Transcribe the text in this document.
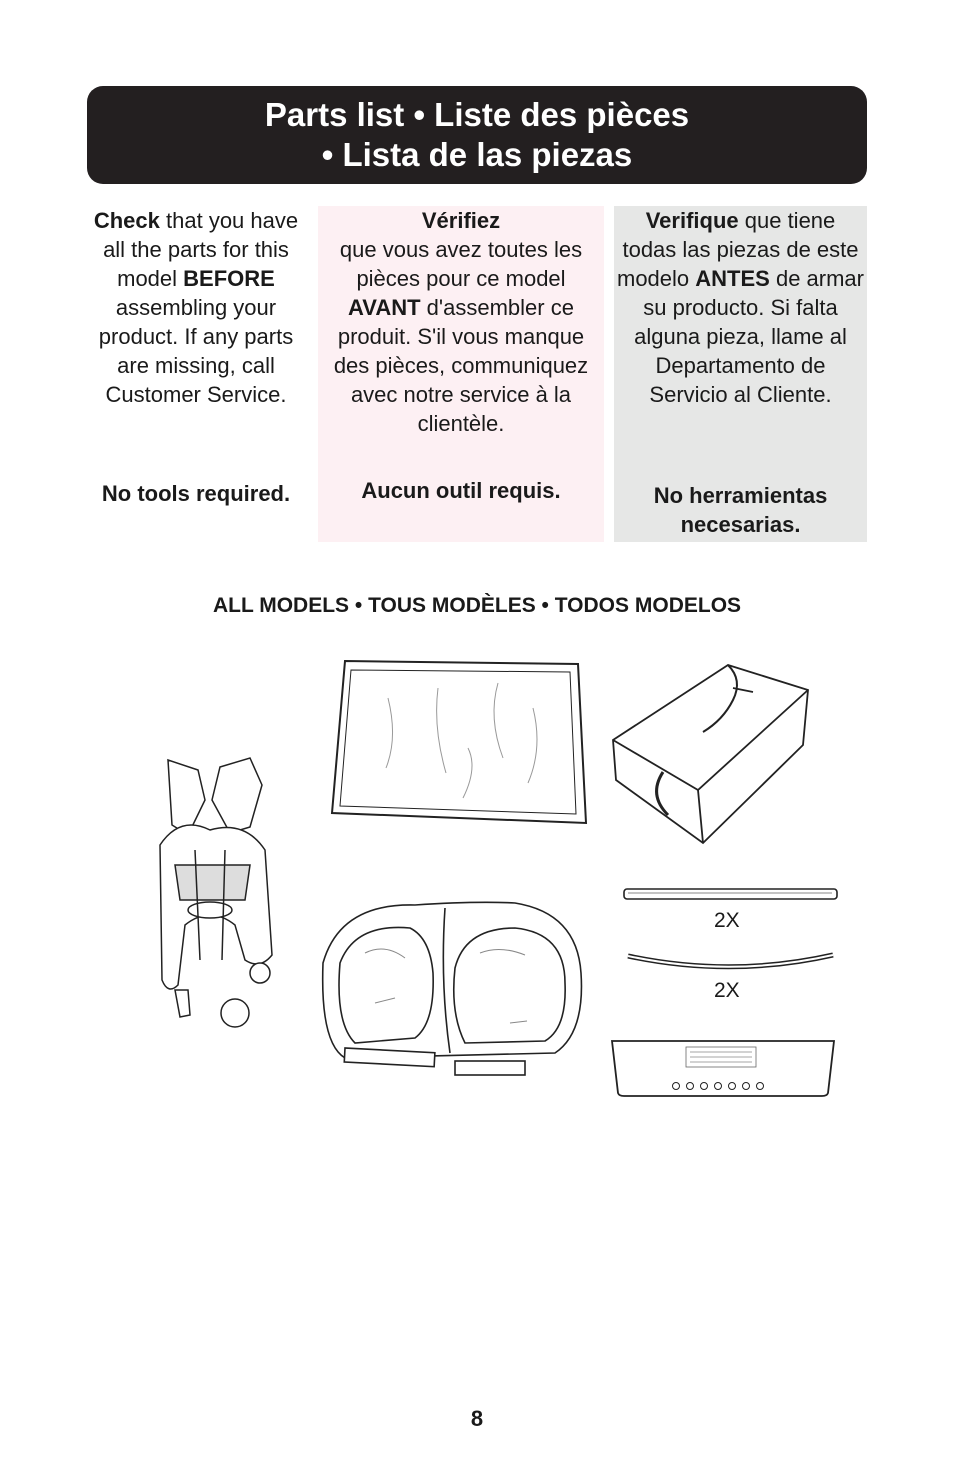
Parts list • Liste des pièces
• Lista de las piezas
Check that you have all the parts for this model BEFORE assembling your product. If any parts are missing, call Customer Service.
No tools required.
Vérifiez
que vous avez toutes les pièces pour ce model AVANT d'assembler ce produit. S'il vous manque des pièces, communiquez avec notre service à la clientèle.
Aucun outil requis.
Verifique que tiene todas las piezas de este modelo ANTES de armar su producto. Si falta alguna pieza, llame al Departamento de Servicio al Cliente.
No herramientas necesarias.
ALL MODELS • TOUS MODÈLES • TODOS MODELOS
2X
2X
8
